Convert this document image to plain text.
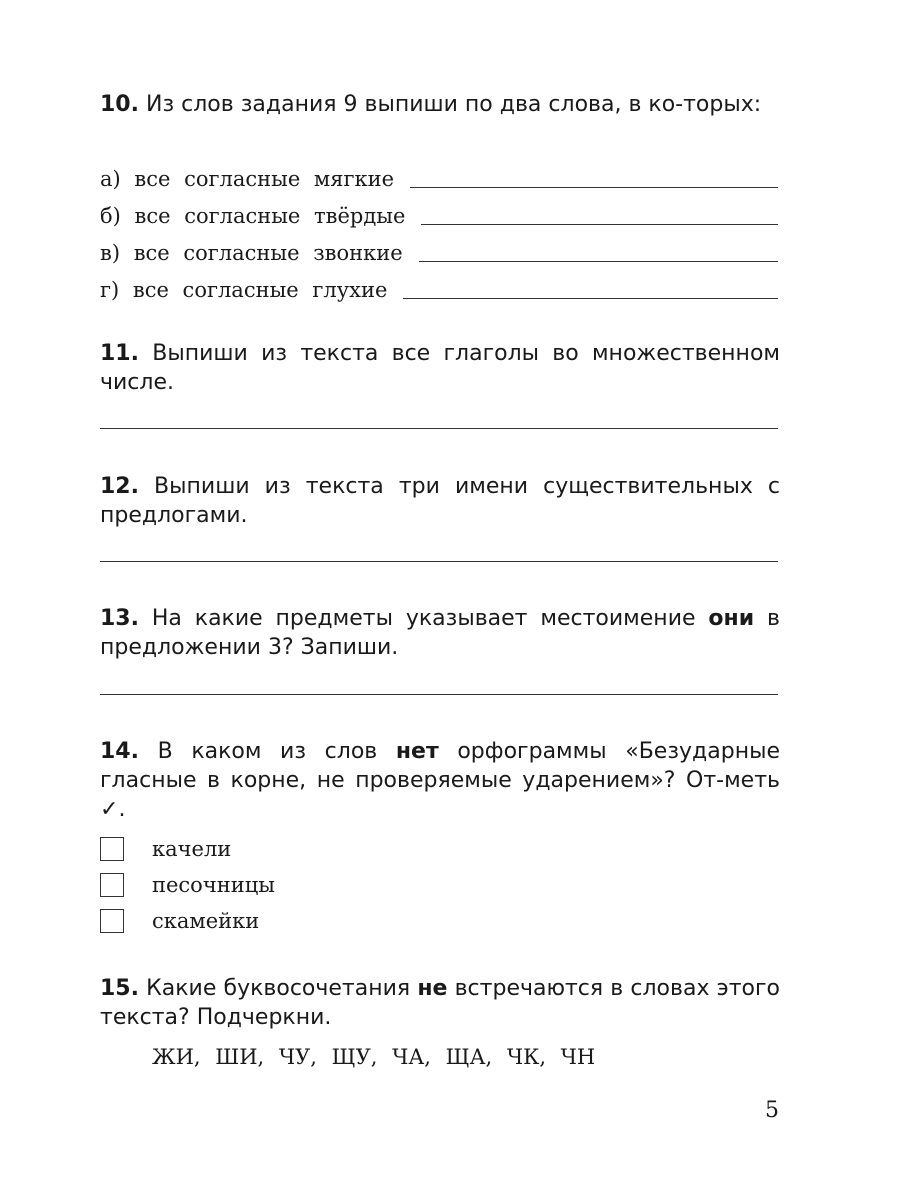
10. Из слов задания 9 выпиши по два слова, в ко-торых:
а) все согласные мягкие
б) все согласные твёрдые
в) все согласные звонкие
г) все согласные глухие
11. Выпиши из текста все глаголы во множественном числе.
12. Выпиши из текста три имени существительных с предлогами.
13. На какие предметы указывает местоимение они в предложении 3? Запиши.
14. В каком из слов нет орфограммы «Безударные гласные в корне, не проверяемые ударением»? От-меть ✓.
качели
песочницы
скамейки
15. Какие буквосочетания не встречаются в словах этого текста? Подчеркни.
ЖИ, ШИ, ЧУ, ЩУ, ЧА, ЩА, ЧК, ЧН
5
